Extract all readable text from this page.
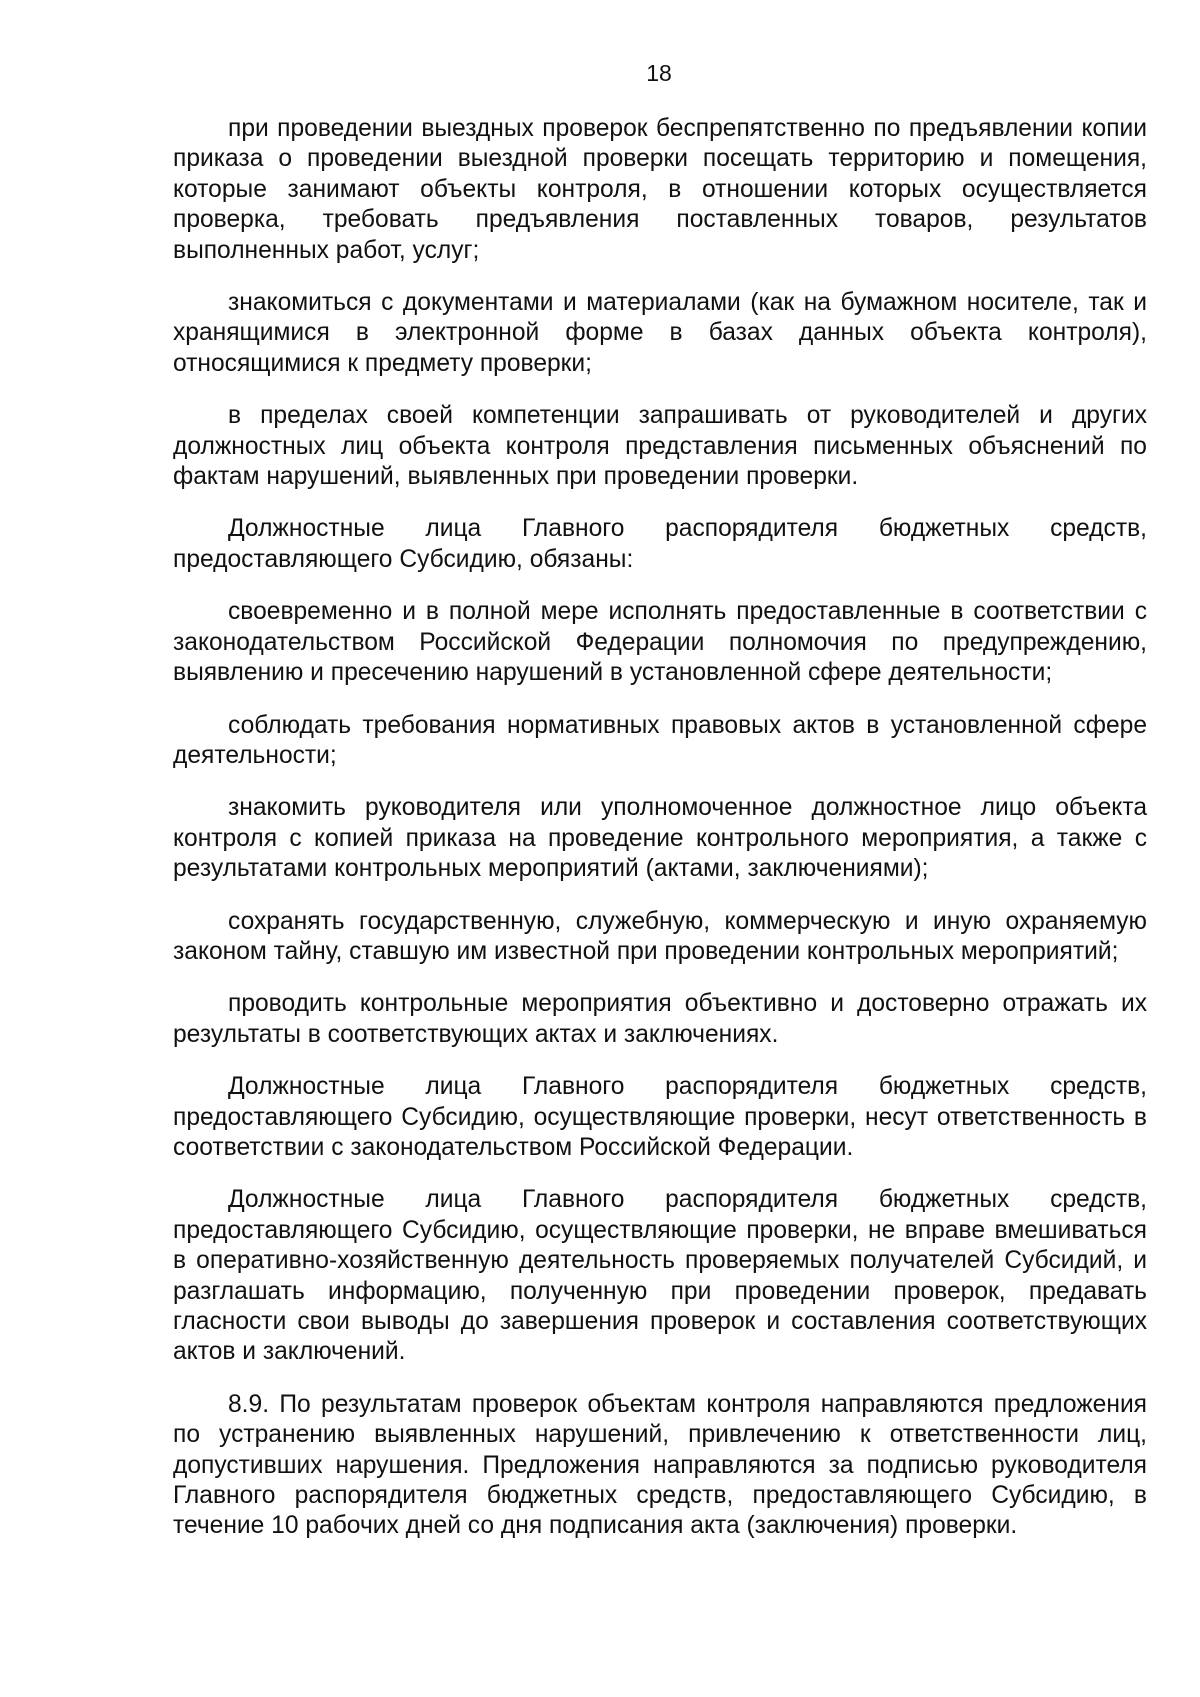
18

при проведении выездных проверок беспрепятственно по предъявлении копии приказа о проведении выездной проверки посещать территорию и помещения, которые занимают объекты контроля, в отношении которых осуществляется проверка, требовать предъявления поставленных товаров, результатов выполненных работ, услуг;

знакомиться с документами и материалами (как на бумажном носителе, так и хранящимися в электронной форме в базах данных объекта контроля), относящимися к предмету проверки;

в пределах своей компетенции запрашивать от руководителей и других должностных лиц объекта контроля представления письменных объяснений по фактам нарушений, выявленных при проведении проверки.

Должностные лица Главного распорядителя бюджетных средств, предоставляющего Субсидию, обязаны:

своевременно и в полной мере исполнять предоставленные в соответствии с законодательством Российской Федерации полномочия по предупреждению, выявлению и пресечению нарушений в установленной сфере деятельности;

соблюдать требования нормативных правовых актов в установленной сфере деятельности;

знакомить руководителя или уполномоченное должностное лицо объекта контроля с копией приказа на проведение контрольного мероприятия, а также с результатами контрольных мероприятий (актами, заключениями);

сохранять государственную, служебную, коммерческую и иную охраняемую законом тайну, ставшую им известной при проведении контрольных мероприятий;

проводить контрольные мероприятия объективно и достоверно отражать их результаты в соответствующих актах и заключениях.

Должностные лица Главного распорядителя бюджетных средств, предоставляющего Субсидию, осуществляющие проверки, несут ответственность в соответствии с законодательством Российской Федерации.

Должностные лица Главного распорядителя бюджетных средств, предоставляющего Субсидию, осуществляющие проверки, не вправе вмешиваться в оперативно-хозяйственную деятельность проверяемых получателей Субсидий, и разглашать информацию, полученную при проведении проверок, предавать гласности свои выводы до завершения проверок и составления соответствующих актов и заключений.

8.9. По результатам проверок объектам контроля направляются предложения по устранению выявленных нарушений, привлечению к ответственности лиц, допустивших нарушения. Предложения направляются за подписью руководителя Главного распорядителя бюджетных средств, предоставляющего Субсидию, в течение 10 рабочих дней со дня подписания акта (заключения) проверки.
